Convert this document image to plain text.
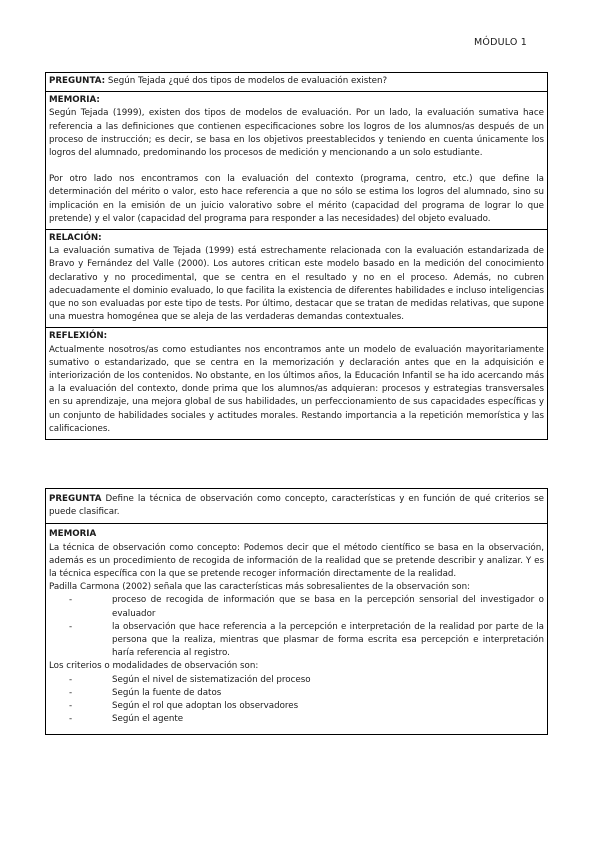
MÓDULO 1
PREGUNTA: Según Tejada ¿qué dos tipos de modelos de evaluación existen?
MEMORIA:

Según Tejada (1999), existen dos tipos de modelos de evaluación. Por un lado, la evaluación sumativa hace referencia a las definiciones que contienen especificaciones sobre los logros de los alumnos/as después de un proceso de instrucción; es decir, se basa en los objetivos preestablecidos y teniendo en cuenta únicamente los logros del alumnado, predominando los procesos de medición y mencionando a un solo estudiante.

Por otro lado nos encontramos con la evaluación del contexto (programa, centro, etc.) que define la determinación del mérito o valor, esto hace referencia a que no sólo se estima los logros del alumnado, sino su implicación en la emisión de un juicio valorativo sobre el mérito (capacidad del programa de lograr lo que pretende) y el valor (capacidad del programa para responder a las necesidades) del objeto evaluado.

RELACIÓN:

La evaluación sumativa de Tejada (1999) está estrechamente relacionada con la evaluación estandarizada de Bravo y Fernández del Valle (2000). Los autores critican este modelo basado en la medición del conocimiento declarativo y no procedimental, que se centra en el resultado y no en el proceso. Además, no cubren adecuadamente el dominio evaluado, lo que facilita la existencia de diferentes habilidades e incluso inteligencias que no son evaluadas por este tipo de tests. Por último, destacar que se tratan de medidas relativas, que supone una muestra homogénea que se aleja de las verdaderas demandas contextuales.

REFLEXIÓN:

Actualmente nosotros/as como estudiantes nos encontramos ante un modelo de evaluación mayoritariamente sumativo o estandarizado, que se centra en la memorización y declaración antes que en la adquisición e interiorización de los contenidos. No obstante, en los últimos años, la Educación Infantil se ha ido acercando más a la evaluación del contexto, donde prima que los alumnos/as adquieran: procesos y estrategias transversales en su aprendizaje, una mejora global de sus habilidades, un perfeccionamiento de sus capacidades específicas y un conjunto de habilidades sociales y actitudes morales. Restando importancia a la repetición memorística y las calificaciones.

PREGUNTA Define la técnica de observación como concepto, características y en función de qué criterios se puede clasificar.

MEMORIA

La técnica de observación como concepto: Podemos decir que el método científico se basa en la observación, además es un procedimiento de recogida de información de la realidad que se pretende describir y analizar. Y es la técnica específica con la que se pretende recoger información directamente de la realidad.

Padilla Carmona (2002) señala que las características más sobresalientes de la observación son:

- proceso de recogida de información que se basa en la percepción sensorial del investigador o evaluador
- la observación que hace referencia a la percepción e interpretación de la realidad por parte de la persona que la realiza, mientras que plasmar de forma escrita esa percepción e interpretación haría referencia al registro.

Los criterios o modalidades de observación son:

- Según el nivel de sistematización del proceso
- Según la fuente de datos
- Según el rol que adoptan los observadores
- Según el agente
